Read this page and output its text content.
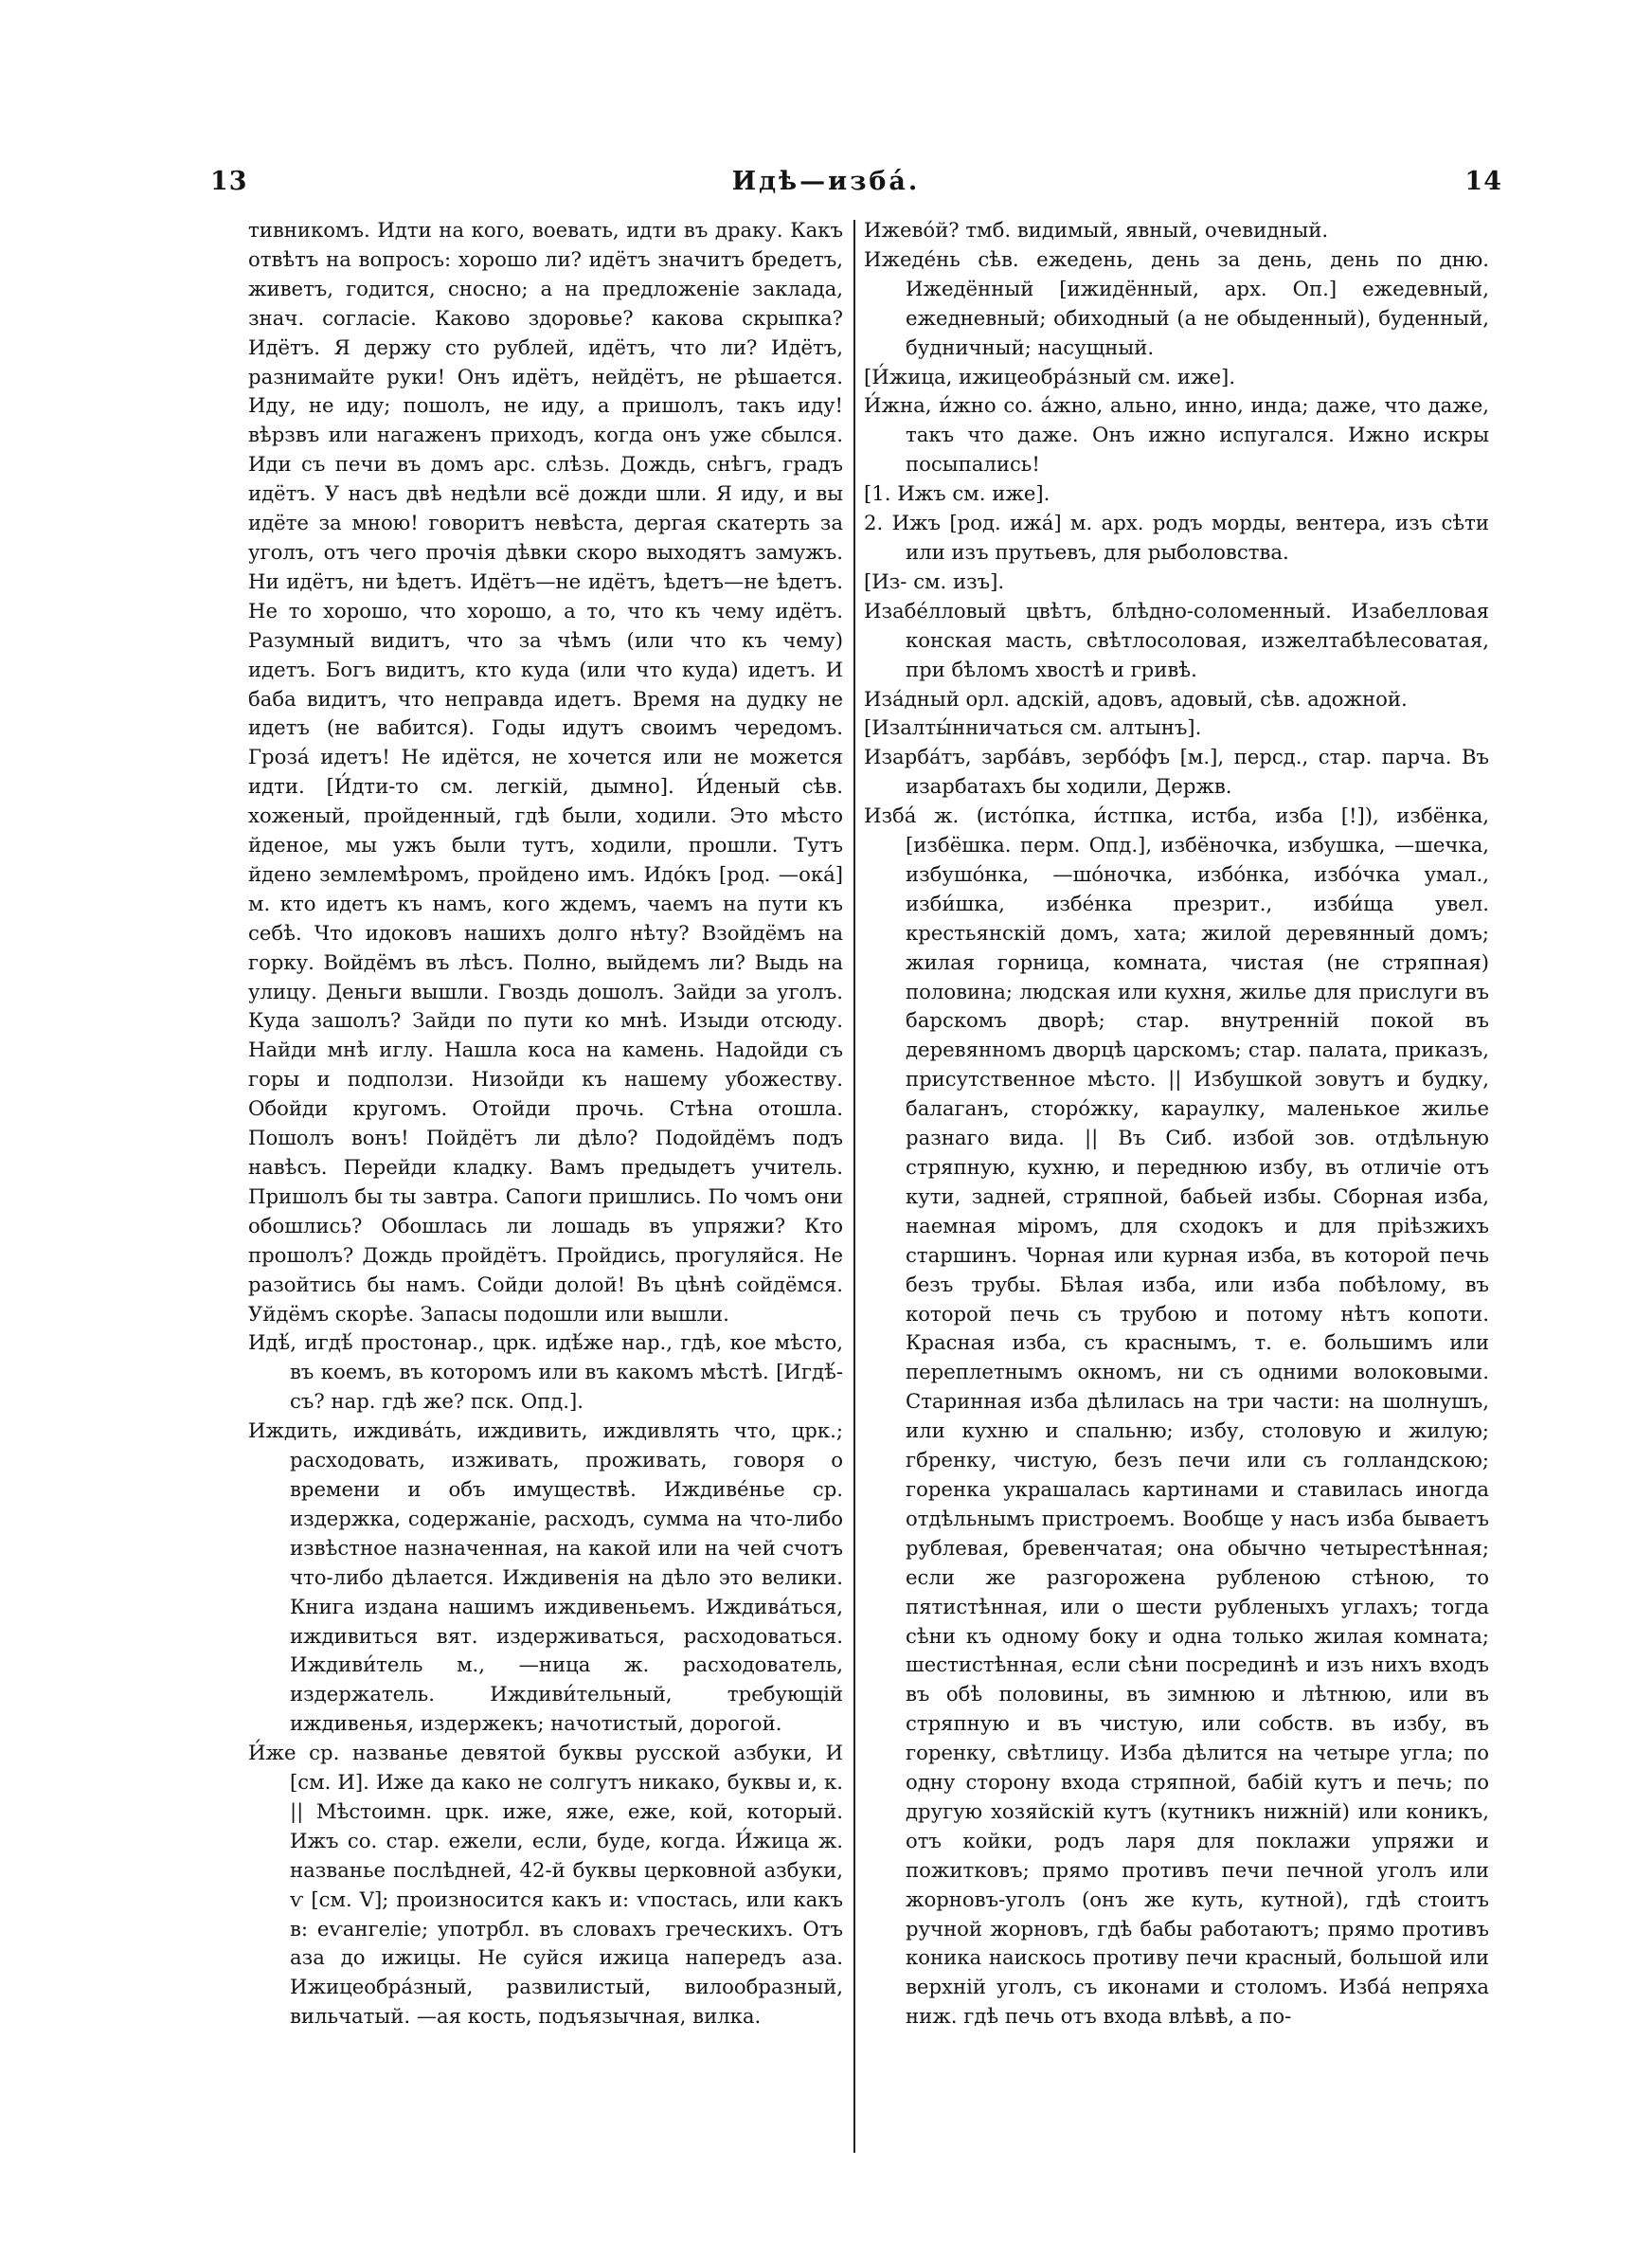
13	Идѣ—изба́.	14

тивникомъ. Идти на кого, воевать, идти въ драку. Какъ отвѣтъ на вопросъ: хорошо ли? идётъ значитъ бредетъ, живетъ, годится, сносно; а на предложеніе заклада, знач. согласіе. Каково здоровье? какова скрыпка? Идётъ. Я держу сто рублей, идётъ, что ли? Идётъ, разнимайте руки! Онъ идётъ, нейдётъ, не рѣшается. Иду, не иду; пошолъ, не иду, а пришолъ, такъ иду! вѣрзвъ или нагаженъ приходъ, когда онъ уже сбылся. Иди съ печи въ домъ арс. слѣзь. Дождь, снѣгъ, градъ идётъ. У насъ двѣ недѣли всё дожди шли. Я иду, и вы идёте за мною! говоритъ невѣста, дергая скатерть за уголъ, отъ чего прочія дѣвки скоро выходятъ замужъ. Ни идётъ, ни ѣдетъ. Идётъ—не идётъ, ѣдетъ—не ѣдетъ. Не то хорошо, что хорошо, а то, что къ чему идётъ. Разумный видитъ, что за чѣмъ (или что къ чему) идетъ. Богъ видитъ, кто куда (или что куда) идетъ. И баба видитъ, что неправда идетъ. Время на дудку не идетъ (не вабится). Годы идутъ своимъ чередомъ. Грозá идетъ! Не идётся, не хочется или не можется идти. [И́дти-то см. легкій, дымно]. И́деный сѣв. хоженый, пройденный, гдѣ были, ходили. Это мѣсто йденое, мы ужъ были тутъ, ходили, прошли. Тутъ йдено землемѣромъ, пройдено имъ. Идóкъ [род. —окá] м. кто идетъ къ намъ, кого ждемъ, чаемъ на пути къ себѣ. Что идоковъ нашихъ долго нѣту? Взойдёмъ на горку. Войдёмъ въ лѣсъ. Полно, выйдемъ ли? Выдь на улицу. Деньги вышли. Гвоздь дошолъ. Зайди за уголъ. Куда зашолъ? Зайди по пути ко мнѣ. Изыди отсюду. Найди мнѣ иглу. Нашла коса на камень. Надойди съ горы и подползи. Низойди къ нашему убожеству. Обойди кругомъ. Отойди прочь. Стѣна отошла. Пошолъ вонъ! Пойдётъ ли дѣло? Подойдёмъ подъ навѣсъ. Перейди кладку. Вамъ предыдетъ учитель. Пришолъ бы ты завтра. Сапоги пришлись. По чомъ они обошлись? Обошлась ли лошадь въ упряжи? Кто прошолъ? Дождь пройдётъ. Пройдись, прогуляйся. Не разойтись бы намъ. Сойди долой! Въ цѣнѣ сойдёмся. Уйдёмъ скорѣе. Запасы подошли или вышли.

Идѣ́, игдѣ́ простонар., црк. идѣ́же нар., гдѣ, кое мѣсто, въ коемъ, въ которомъ или въ какомъ мѣстѣ. [Игдѣ́-съ? нар. гдѣ же? пск. Опд.].

Иждить, иждивáть, иждивить, иждивлять что, црк.; расходовать, изживать, проживать, говоря о времени и объ имуществѣ. Иждивéнье ср. издержка, содержаніе, расходъ, сумма на что-либо извѣстное назначенная, на какой или на чей счотъ что-либо дѣлается. Иждивенія на дѣло это велики. Книга издана нашимъ иждивеньемъ. Иждивáться, иждивиться вят. издерживаться, расходоваться. Иждиви́тель м., —ница ж. расходователь, издержатель. Иждиви́тельный, требующій иждивенья, издержекъ; начотистый, дорогой.

И́же ср. названье девятой буквы русской азбуки, И [см. И]. Иже да како не солгутъ никако, буквы и, к. || Мѣстоимн. црк. иже, яже, еже, кой, который. Ижъ со. стар. ежели, если, буде, когда. И́жица ж. названье послѣдней, 42-й буквы церковной азбуки, ѵ [см. V]; произносится какъ и: ѵпостась, или какъ в: еѵангеліе; употрбл. въ словахъ греческихъ. Отъ аза до ижицы. Не суйся ижица напередъ аза. Ижицеобрáзный, развилистый, вилообразный, вильчатый. —ая кость, подъязычная, вилка.

Ижевóй? тмб. видимый, явный, очевидный.

Ижедéнь сѣв. ежедень, день за день, день по дню. Ижедённый [ижидённый, арх. Оп.] ежедевный, ежедневный; обиходный (а не обыденный), буденный, будничный; насущный.

[И́жица, ижицеобрáзный см. иже].

И́жна, и́жно со. áжно, ально, инно, инда; даже, что даже, такъ что даже. Онъ ижно испугался. Ижно искры посыпались!

[1. Ижъ см. иже].

2. Ижъ [род. ижá] м. арх. родъ морды, вентера, изъ сѣти или изъ прутьевъ, для рыболовства.

[Из- см. изъ].

Изабéлловый цвѣтъ, блѣдно-соломенный. Изабелловая конская масть, свѣтлосоловая, изжелтабѣлесоватая, при бѣломъ хвостѣ и гривѣ.

Изáдный орл. адскій, адовъ, адовый, сѣв. адожной.

[Изалты́нничаться см. алтынъ].

Изарбáтъ, зарбáвъ, зербóфъ [м.], персд., стар. парча. Въ изарбатахъ бы ходили, Держв.

Изба́ ж. (истóпка, и́стпка, истба, изба [!]), избёнка, [избёшка. перм. Опд.], избёночка, избушка, —шечка, избушóнка, —шóночка, избóнка, избóчка умал., изби́шка, избéнка презрит., изби́ща увел. крестьянскій домъ, хата; жилой деревянный домъ; жилая горница, комната, чистая (не стряпная) половина; людская или кухня, жилье для прислуги въ барскомъ дворѣ; стар. внутренній покой въ деревянномъ дворцѣ царскомъ; стар. палата, приказъ, присутственное мѣсто. || Избушкой зовутъ и будку, балаганъ, сторóжку, караулку, маленькое жилье разнаго вида. || Въ Сиб. избой зов. отдѣльную стряпную, кухню, и переднюю избу, въ отличіе отъ кути, задней, стряпной, бабьей избы. Сборная изба, наемная міромъ, для сходокъ и для пріѣзжихъ старшинъ. Чорная или курная изба, въ которой печь безъ трубы. Бѣлая изба, или изба побѣлому, въ которой печь съ трубою и потому нѣтъ копоти. Красная изба, съ краснымъ, т. е. большимъ или переплетнымъ окномъ, ни съ одними волоковыми. Старинная изба дѣлилась на три части: на шолнушъ, или кухню и спальню; избу, столовую и жилую; гбренку, чистую, безъ печи или съ голландскою; горенка украшалась картинами и ставилась иногда отдѣльнымъ пристроемъ. Вообще у насъ изба бываетъ рублевая, бревенчатая; она обычно четырестѣнная; если же разгорожена рубленою стѣною, то пятистѣнная, или о шести рубленыхъ углахъ; тогда сѣни къ одному боку и одна только жилая комната; шестистѣнная, если сѣни посрединѣ и изъ нихъ входъ въ обѣ половины, въ зимнюю и лѣтнюю, или въ стряпную и въ чистую, или собств. въ избу, въ горенку, свѣтлицу. Изба дѣлится на четыре угла; по одну сторону входа стряпной, бабій кутъ и печь; по другую хозяйскій кутъ (кутникъ нижній) или коникъ, отъ койки, родъ ларя для поклажи упряжи и пожитковъ; прямо противъ печи печной уголъ или жорновъ-уголъ (онъ же куть, кутной), гдѣ стоитъ ручной жорновъ, гдѣ бабы работаютъ; прямо противъ коника наискось противу печи красный, большой или верхній уголъ, съ иконами и столомъ. Избá непряха ниж. гдѣ печь отъ входа влѣвѣ, а по-
